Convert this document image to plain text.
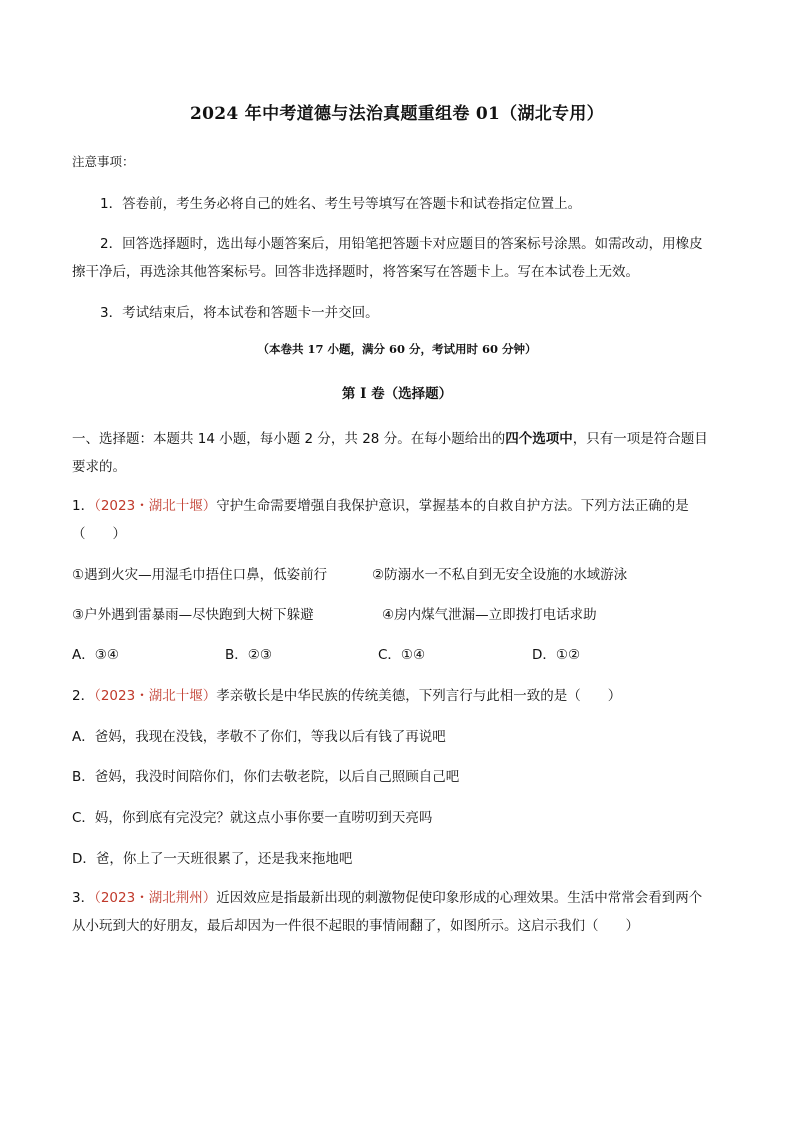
2024 年中考道德与法治真题重组卷 01（湖北专用）
注意事项：
1．答卷前，考生务必将自己的姓名、考生号等填写在答题卡和试卷指定位置上。
2．回答选择题时，选出每小题答案后，用铅笔把答题卡对应题目的答案标号涂黑。如需改动，用橡皮
擦干净后，再选涂其他答案标号。回答非选择题时，将答案写在答题卡上。写在本试卷上无效。
3．考试结束后，将本试卷和答题卡一并交回。
（本卷共 17 小题，满分 60 分，考试用时 60 分钟）
第 I 卷（选择题）
一、选择题：本题共 14 小题，每小题 2 分，共 28 分。在每小题给出的四个选项中，只有一项是符合题目
要求的。
1．（2023・湖北十堰）守护生命需要增强自我保护意识，掌握基本的自救自护方法。下列方法正确的是
（　　）
①遇到火灾—用湿毛巾捂住口鼻，低姿前行	②防溺水一不私自到无安全设施的水域游泳
③户外遇到雷暴雨—尽快跑到大树下躲避	④房内煤气泄漏—立即拨打电话求助
A．③④	B．②③	C．①④	D．①②
2．（2023・湖北十堰）孝亲敬长是中华民族的传统美德，下列言行与此相一致的是（　　）
A．爸妈，我现在没钱，孝敬不了你们，等我以后有钱了再说吧
B．爸妈，我没时间陪你们，你们去敬老院，以后自己照顾自己吧
C．妈，你到底有完没完？就这点小事你要一直唠叨到天亮吗
D．爸，你上了一天班很累了，还是我来拖地吧
3．（2023・湖北荆州）近因效应是指最新出现的刺激物促使印象形成的心理效果。生活中常常会看到两个
从小玩到大的好朋友，最后却因为一件很不起眼的事情闹翻了，如图所示。这启示我们（　　）
